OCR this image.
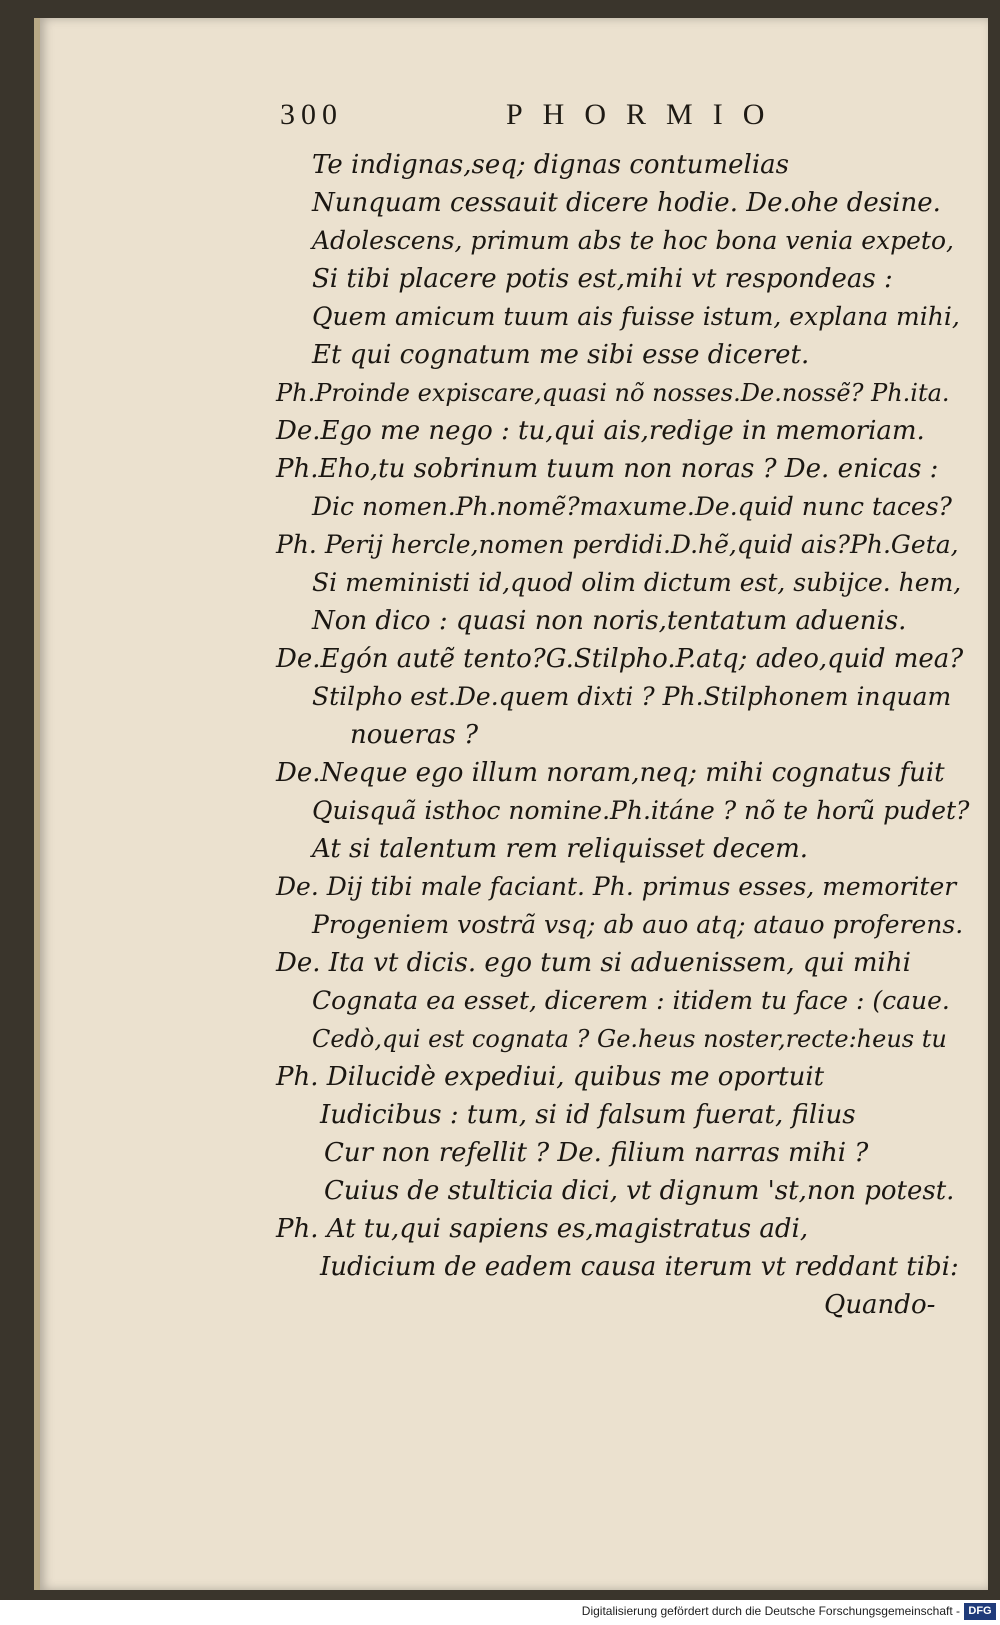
300	PHORMIO
Te indignas,seq; dignas contumelias
Nunquam cessauit dicere hodie. De.ohe desine.
Adolescens, primum abs te hoc bona venia expeto,
Si tibi placere potis est,mihi vt respondeas :
Quem amicum tuum ais fuisse istum, explana mihi,
Et qui cognatum me sibi esse diceret.
Ph.Proinde expiscare,quasi nõ nosses.De.nossẽ? Ph.ita.
De.Ego me nego : tu,qui ais,redige in memoriam.
Ph.Eho,tu sobrinum tuum non noras ? De. enicas :
Dic nomen.Ph.nomẽ?maxume.De.quid nunc taces?
Ph. Perij hercle,nomen perdidi.D.hẽ,quid ais?Ph.Geta,
Si meministi id,quod olim dictum est, subijce. hem,
Non dico : quasi non noris,tentatum aduenis.
De.Egón autẽ tento?G.Stilpho.P.atq; adeo,quid mea?
Stilpho est.De.quem dixti ? Ph.Stilphonem inquam
noueras ?
De.Neque ego illum noram,neq; mihi cognatus fuit
Quisquã isthoc nomine.Ph.itáne ? nõ te horũ pudet?
At si talentum rem reliquisset decem.
De. Dij tibi male faciant. Ph. primus esses, memoriter
Progeniem vostrã vsq; ab auo atq; atauo proferens.
De. Ita vt dicis. ego tum si aduenissem, qui mihi
Cognata ea esset, dicerem : itidem tu face : (caue.
Cedò,qui est cognata ? Ge.heus noster,recte:heus tu
Ph. Dilucidè expediui, quibus me oportuit
Iudicibus : tum, si id falsum fuerat, filius
Cur non refellit ? De. filium narras mihi ?
Cuius de stulticia dici, vt dignum 'st,non potest.
Ph. At tu,qui sapiens es,magistratus adi,
Iudicium de eadem causa iterum vt reddant tibi:
Quando-
Digitalisierung gefördert durch die Deutsche Forschungsgemeinschaft - DFG
